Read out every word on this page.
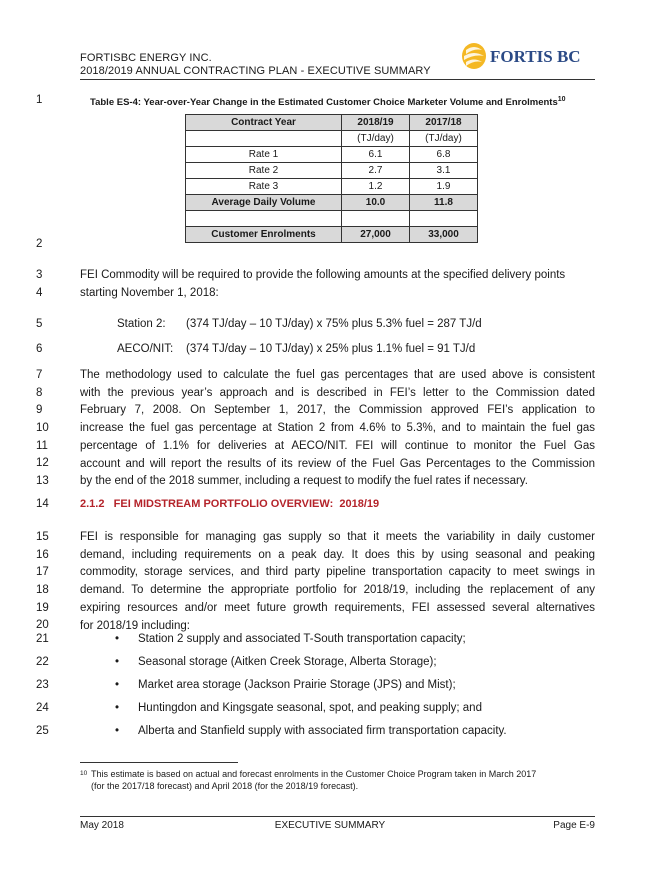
FORTISBC ENERGY INC.
2018/2019 ANNUAL CONTRACTING PLAN - EXECUTIVE SUMMARY
FORTIS BC
1	Table ES-4: Year-over-Year Change in the Estimated Customer Choice Marketer Volume and Enrolments$^{10}$
Contract Year	2018/19	2017/18
	(TJ/day)	(TJ/day)
Rate 1	6.1	6.8
Rate 2	2.7	3.1
Rate 3	1.2	1.9
Average Daily Volume	10.0	11.8

Customer Enrolments	27,000	33,000
2
3
4
FEI Commodity will be required to provide the following amounts at the specified delivery points
starting November 1, 2018:
5	Station 2: (374 TJ/day – 10 TJ/day) x 75% plus 5.3% fuel = 287 TJ/d
6	AECO/NIT: (374 TJ/day – 10 TJ/day) x 25% plus 1.1% fuel = 91 TJ/d
7
8
9
10
11
12
13
The methodology used to calculate the fuel gas percentages that are used above is consistent
with the previous year’s approach and is described in FEI’s letter to the Commission dated
February 7, 2008. On September 1, 2017, the Commission approved FEI’s application to
increase the fuel gas percentage at Station 2 from 4.6% to 5.3%, and to maintain the fuel gas
percentage of 1.1% for deliveries at AECO/NIT. FEI will continue to monitor the Fuel Gas
account and will report the results of its review of the Fuel Gas Percentages to the Commission
by the end of the 2018 summer, including a request to modify the fuel rates if necessary.
14	2.1.2 FEI MIDSTREAM PORTFOLIO OVERVIEW: 2018/19
15
16
17
18
19
20
FEI is responsible for managing gas supply so that it meets the variability in daily customer
demand, including requirements on a peak day. It does this by using seasonal and peaking
commodity, storage services, and third party pipeline transportation capacity to meet swings in
demand. To determine the appropriate portfolio for 2018/19, including the replacement of any
expiring resources and/or meet future growth requirements, FEI assessed several alternatives
for 2018/19 including:
21	• Station 2 supply and associated T-South transportation capacity;
22	• Seasonal storage (Aitken Creek Storage, Alberta Storage);
23	• Market area storage (Jackson Prairie Storage (JPS) and Mist);
24	• Huntingdon and Kingsgate seasonal, spot, and peaking supply; and
25	• Alberta and Stanfield supply with associated firm transportation capacity.
10 This estimate is based on actual and forecast enrolments in the Customer Choice Program taken in March 2017
(for the 2017/18 forecast) and April 2018 (for the 2018/19 forecast).
May 2018	EXECUTIVE SUMMARY	Page E-9
